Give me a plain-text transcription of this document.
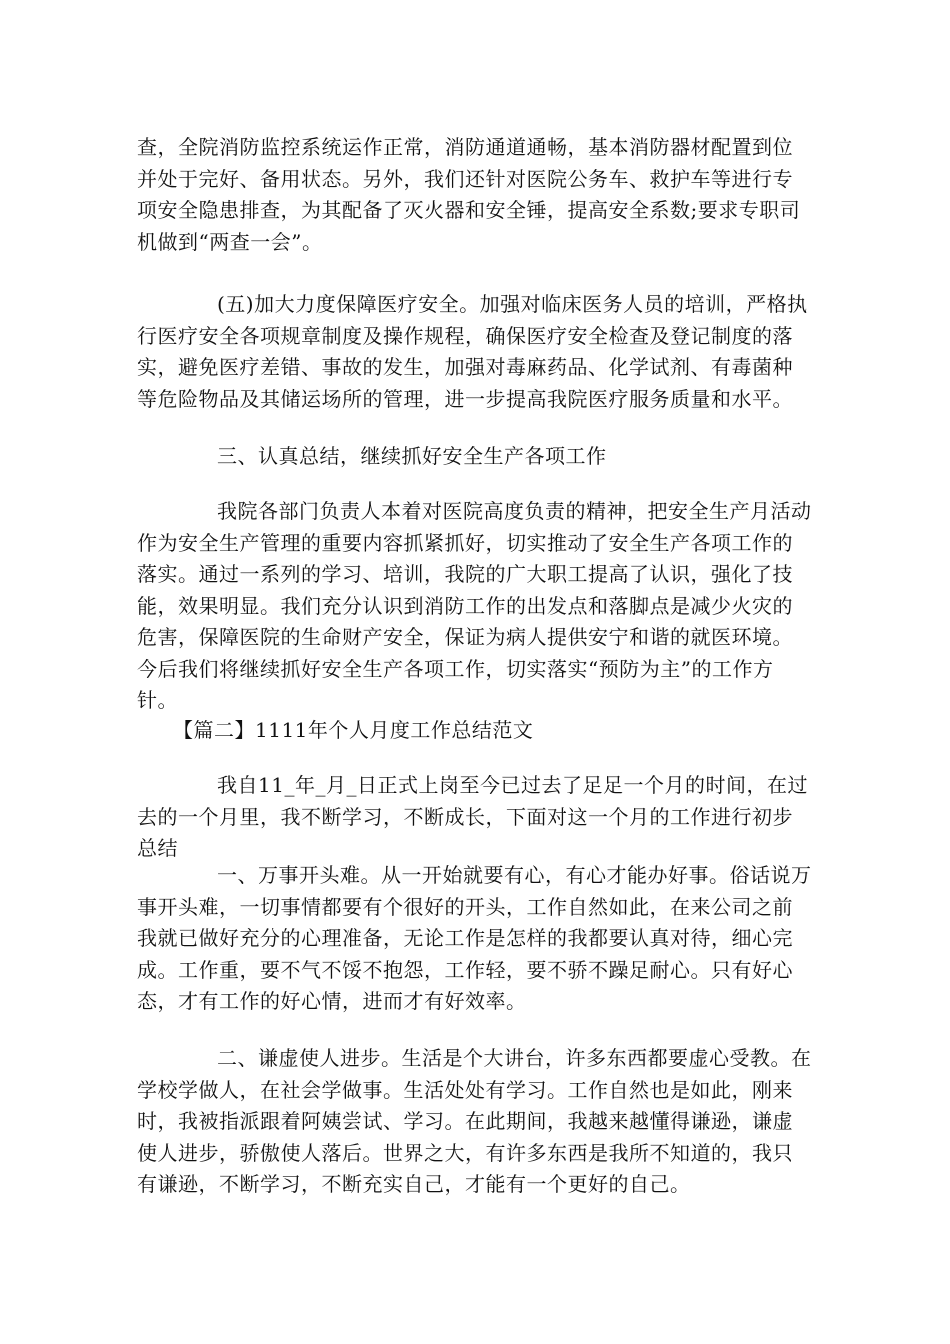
查，全院消防监控系统运作正常，消防通道通畅，基本消防器材配置到位并处于完好、备用状态。另外，我们还针对医院公务车、救护车等进行专项安全隐患排查，为其配备了灭火器和安全锤，提高安全系数;要求专职司机做到“两查一会”。

(五)加大力度保障医疗安全。加强对临床医务人员的培训，严格执行医疗安全各项规章制度及操作规程，确保医疗安全检查及登记制度的落实，避免医疗差错、事故的发生，加强对毒麻药品、化学试剂、有毒菌种等危险物品及其储运场所的管理，进一步提高我院医疗服务质量和水平。

三、认真总结，继续抓好安全生产各项工作

我院各部门负责人本着对医院高度负责的精神，把安全生产月活动作为安全生产管理的重要内容抓紧抓好，切实推动了安全生产各项工作的落实。通过一系列的学习、培训，我院的广大职工提高了认识，强化了技能，效果明显。我们充分认识到消防工作的出发点和落脚点是减少火灾的危害，保障医院的生命财产安全，保证为病人提供安宁和谐的就医环境。今后我们将继续抓好安全生产各项工作，切实落实“预防为主”的工作方针。

【篇二】1111年个人月度工作总结范文

我自11_年_月_日正式上岗至今已过去了足足一个月的时间，在过去的一个月里，我不断学习，不断成长，下面对这一个月的工作进行初步总结

一、万事开头难。从一开始就要有心，有心才能办好事。俗话说万事开头难，一切事情都要有个很好的开头，工作自然如此，在来公司之前我就已做好充分的心理准备，无论工作是怎样的我都要认真对待，细心完成。工作重，要不气不馁不抱怨，工作轻，要不骄不躁足耐心。只有好心态，才有工作的好心情，进而才有好效率。

二、谦虚使人进步。生活是个大讲台，许多东西都要虚心受教。在学校学做人，在社会学做事。生活处处有学习。工作自然也是如此，刚来时，我被指派跟着阿姨尝试、学习。在此期间，我越来越懂得谦逊，谦虚使人进步，骄傲使人落后。世界之大，有许多东西是我所不知道的，我只有谦逊，不断学习，不断充实自己，才能有一个更好的自己。
